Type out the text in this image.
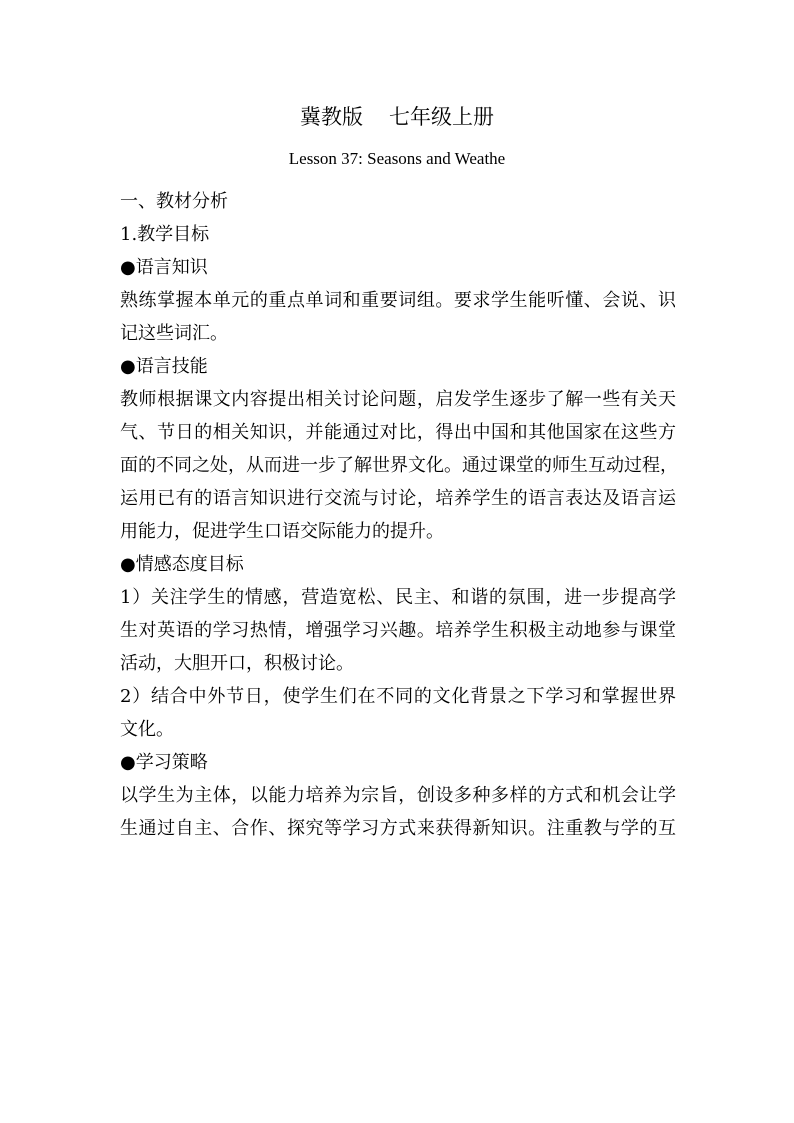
冀教版 七年级上册
Lesson 37: Seasons and Weathe
一、教材分析
1.教学目标
●语言知识
熟练掌握本单元的重点单词和重要词组。要求学生能听懂、会说、识
记这些词汇。
●语言技能
教师根据课文内容提出相关讨论问题，启发学生逐步了解一些有关天
气、节日的相关知识，并能通过对比，得出中国和其他国家在这些方
面的不同之处，从而进一步了解世界文化。通过课堂的师生互动过程，
运用已有的语言知识进行交流与讨论，培养学生的语言表达及语言运
用能力，促进学生口语交际能力的提升。
●情感态度目标
1）关注学生的情感，营造宽松、民主、和谐的氛围，进一步提高学
生对英语的学习热情，增强学习兴趣。培养学生积极主动地参与课堂
活动，大胆开口，积极讨论。
2）结合中外节日，使学生们在不同的文化背景之下学习和掌握世界
文化。
●学习策略
以学生为主体，以能力培养为宗旨，创设多种多样的方式和机会让学
生通过自主、合作、探究等学习方式来获得新知识。注重教与学的互
